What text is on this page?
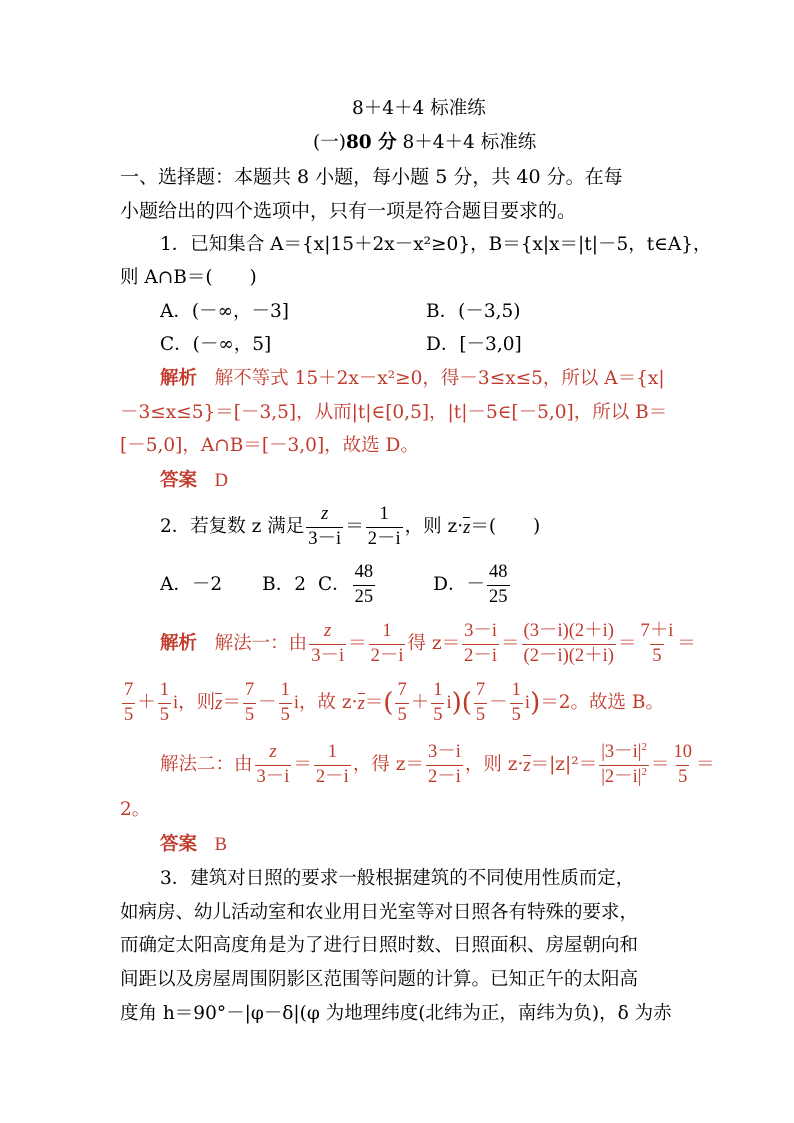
8＋4＋4 标准练
(一)80 分 8＋4＋4 标准练
一、选择题：本题共 8 小题，每小题 5 分，共 40 分。在每
小题给出的四个选项中，只有一项是符合题目要求的。
1．已知集合 A＝{x|15＋2x－x²≥0}，B＝{x|x＝|t|－5，t∈A}，
则 A∩B＝(　　)
A．(－∞，－3]	B．(－3,5)
C．(－∞，5]	D．[－3,0]
解析 解不等式 15＋2x－x²≥0，得－3≤x≤5，所以 A＝{x|
－3≤x≤5}＝[－3,5]，从而|t|∈[0,5]，|t|－5∈[－5,0]，所以 B＝
[－5,0]，A∩B＝[－3,0]，故选 D。
答案 D
2． 若复数 z 满足
z
3－i
＝
1
2－i
，则 z· z ＝(　　)
A．－2 B．2 C． $\frac{48}{25}$	D．－ $\frac{48}{25}$
解析
解法一：由
z
3－i
＝
1
2－i
得 z＝
3－i
2－i
＝
(3－i)(2＋i)
(2－i)(2＋i)
＝
7＋i
5
＝
7
5
＋
1
5
i ，则 z ＝
7
5
－
1
5
i ，故 z· z ＝ ( 7
5
＋
1
5
i ) ( 7
5
－
1
5
i ) ＝2。故选 B。
解法二：由
z
3－i
＝
1
2－i
，得 z＝
3－i
2－i
，则 z· z ＝|z|²＝
$|3-i|^2$
$|2-i|^2$ ＝
10
5
＝
2。
答案 B
3．建筑对日照的要求一般根据建筑的不同使用性质而定，
如病房、幼儿活动室和农业用日光室等对日照各有特殊的要求，
而确定太阳高度角是为了进行日照时数、日照面积、房屋朝向和
间距以及房屋周围阴影区范围等问题的计算。已知正午的太阳高
度角 h＝90°－|φ－δ|(φ 为地理纬度(北纬为正，南纬为负)，δ 为赤
